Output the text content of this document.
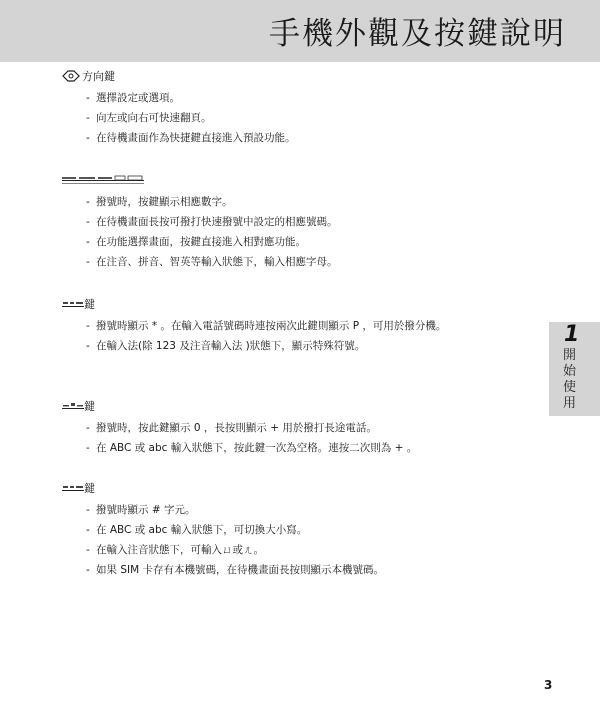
手機外觀及按鍵說明
方向鍵
- 選擇設定或選項。
- 向左或向右可快速翻頁。
- 在待機畫面作為快捷鍵直接進入預設功能。
- 撥號時，按鍵顯示相應數字。
- 在待機畫面長按可撥打快速撥號中設定的相應號碼。
- 在功能選擇畫面，按鍵直接進入相對應功能。
- 在注音、拼音、智英等輸入狀態下，輸入相應字母。
鍵
- 撥號時顯示 * 。在輸入電話號碼時連按兩次此鍵則顯示 P ，可用於撥分機。
- 在輸入法(除 123 及注音輸入法 )狀態下，顯示特殊符號。
鍵
- 撥號時，按此鍵顯示 0 ，長按則顯示 + 用於撥打長途電話。
- 在 ABC 或 abc 輸入狀態下，按此鍵一次為空格。連按二次則為 + 。
鍵
- 撥號時顯示 # 字元。
- 在 ABC 或 abc 輸入狀態下，可切換大小寫。
- 在輸入注音狀態下，可輸入ㄩ或ㄦ。
- 如果 SIM 卡存有本機號碼，在待機畫面長按則顯示本機號碼。
1
開始使用
3
